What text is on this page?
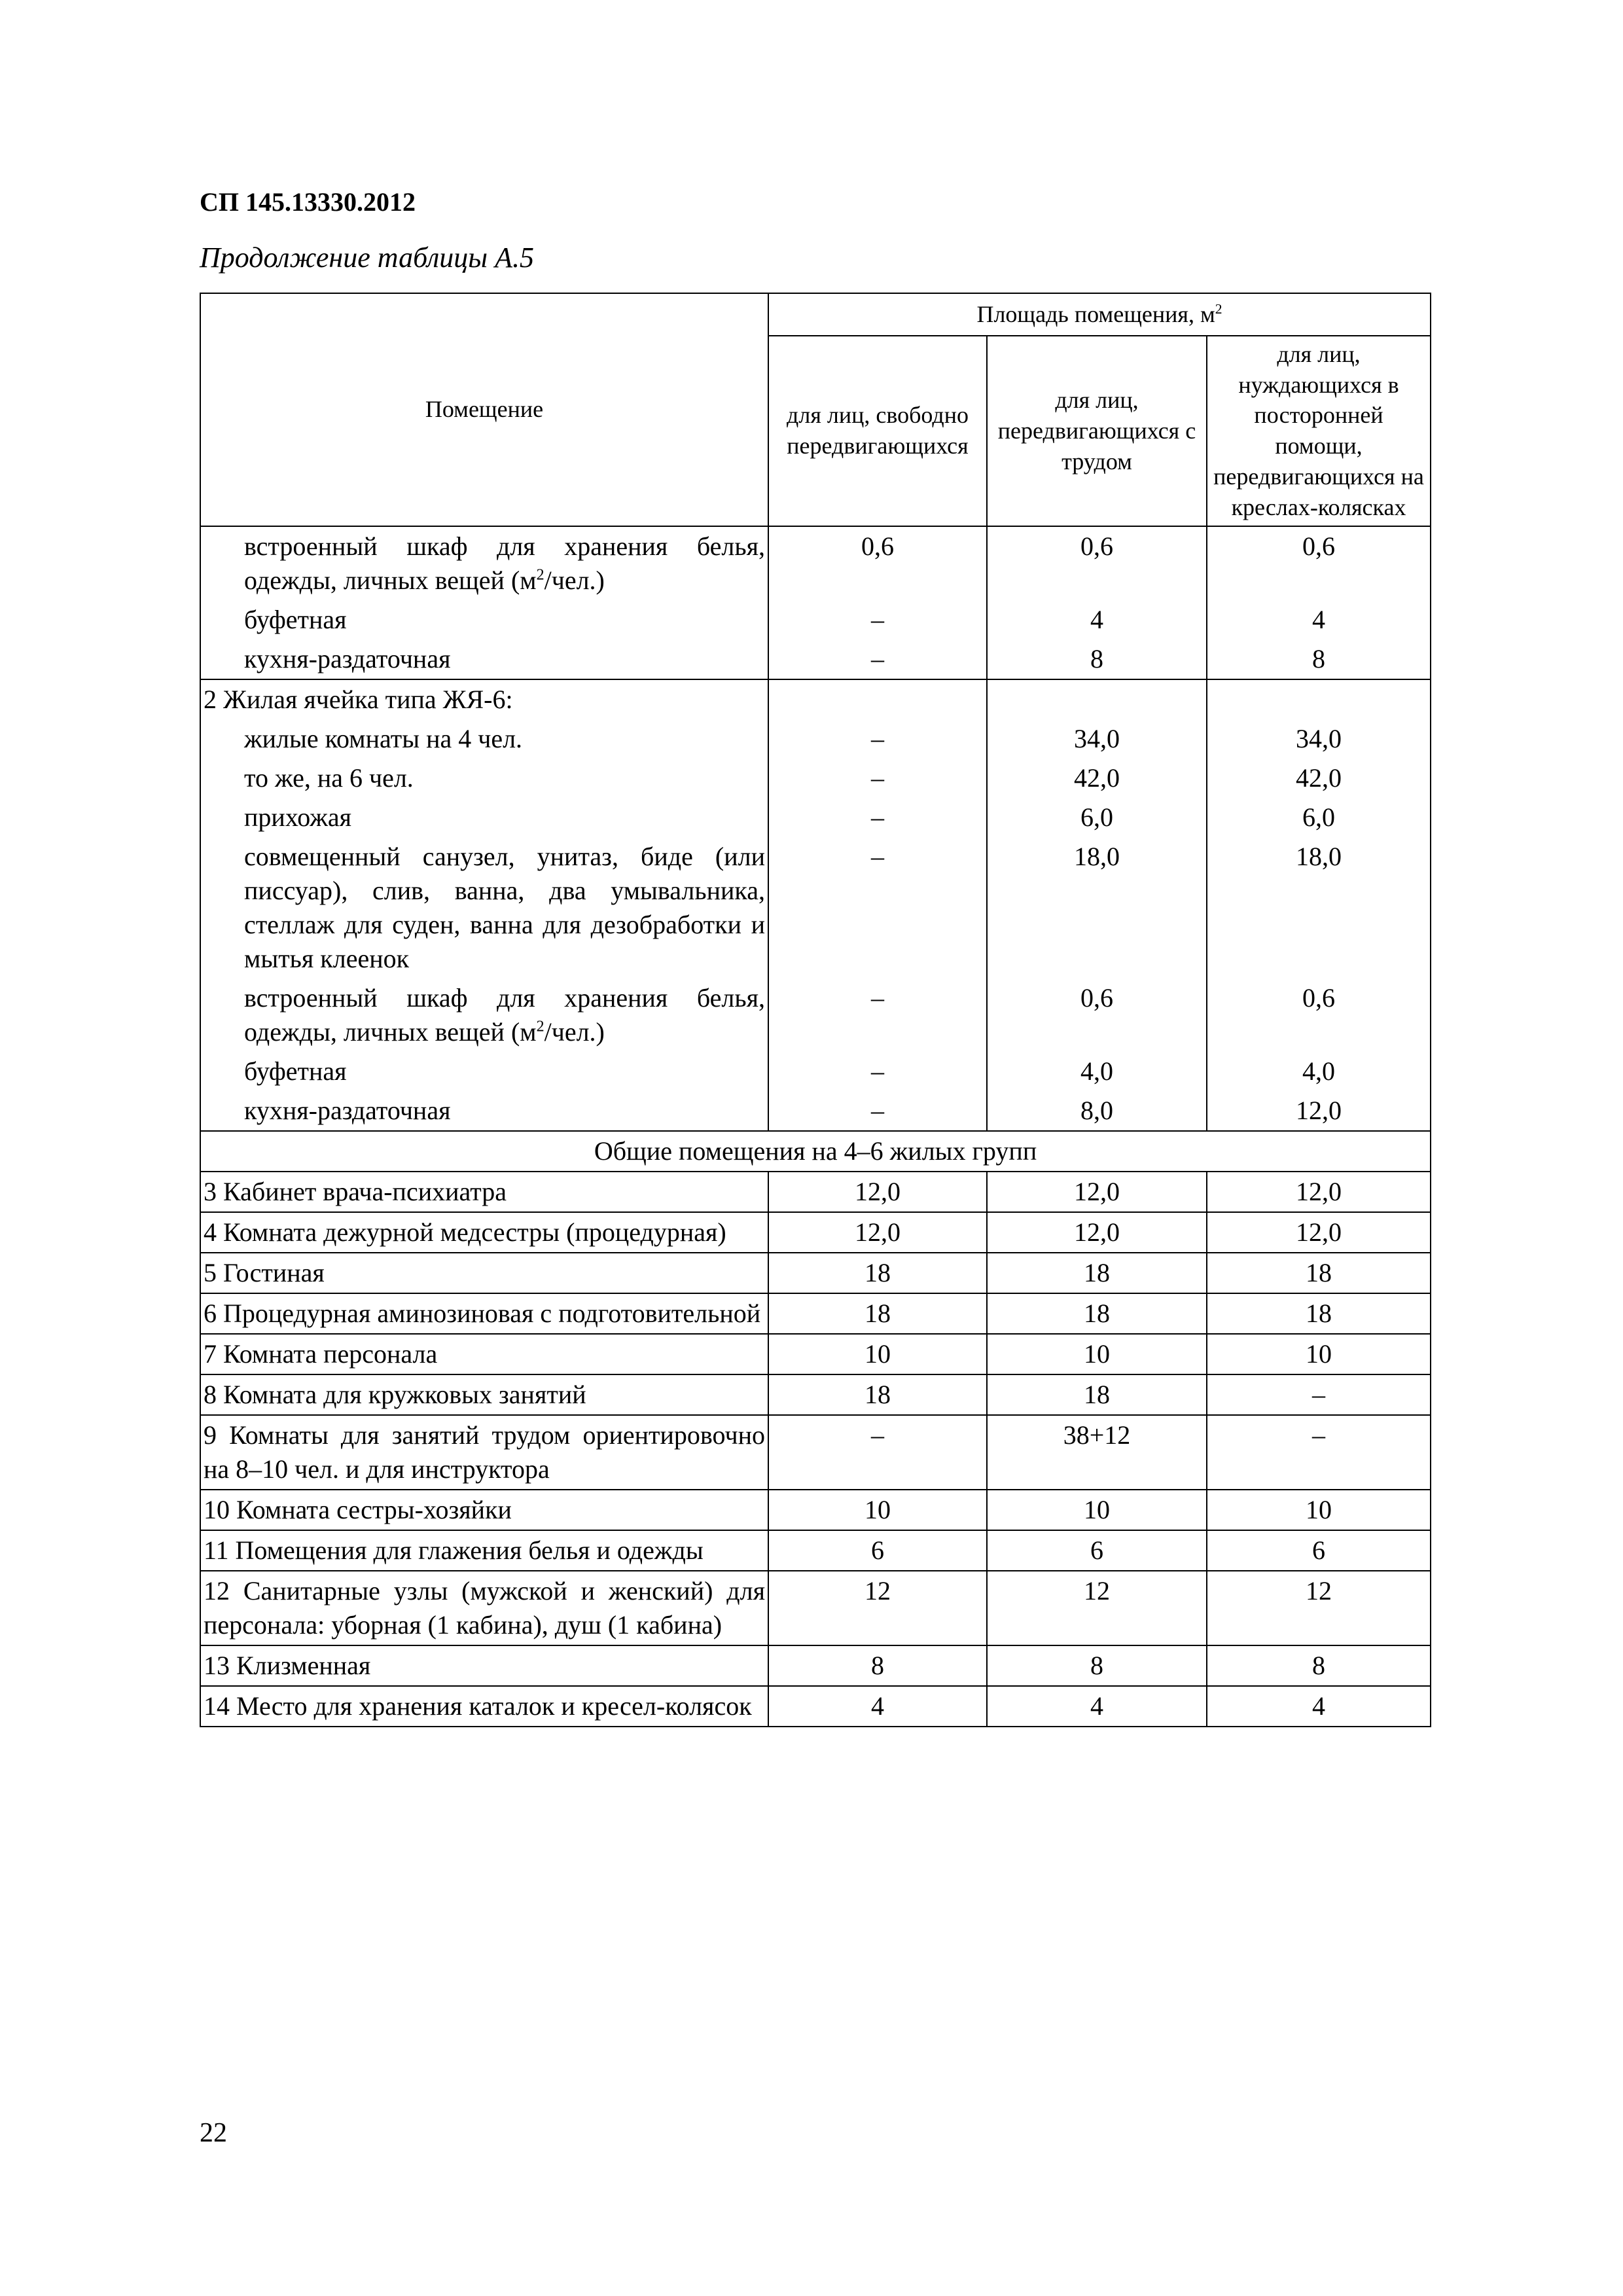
СП 145.13330.2012
Продолжение таблицы А.5
Помещение	Площадь помещения, $м^2$
	для лиц, свободно передвигающихся	для лиц, передвигающихся с трудом	для лиц, нуждающихся в посторонней помощи, передвигающихся на креслах-колясках
встроенный шкаф для хранения белья, одежды, личных вещей $(м^2/чел.)$	0,6	0,6	0,6
буфетная	–	4	4
кухня-раздаточная	–	8	8
2 Жилая ячейка типа ЖЯ-6:			
жилые комнаты на 4 чел.	–	34,0	34,0
то же, на 6 чел.	–	42,0	42,0
прихожая	–	6,0	6,0
совмещенный санузел, унитаз, биде (или писсуар), слив, ванна, два умывальника, стеллаж для суден, ванна для дезобработки и мытья клеенок	–	18,0	18,0
встроенный шкаф для хранения белья, одежды, личных вещей $(м^2/чел.)$	–	0,6	0,6
буфетная	–	4,0	4,0
кухня-раздаточная	–	8,0	12,0
Общие помещения на 4–6 жилых групп			
3 Кабинет врача-психиатра	12,0	12,0	12,0
4 Комната дежурной медсестры (процедурная)	12,0	12,0	12,0
5 Гостиная	18	18	18
6 Процедурная аминозиновая с подготовительной	18	18	18
7 Комната персонала	10	10	10
8 Комната для кружковых занятий	18	18	–
9 Комнаты для занятий трудом ориентировочно на 8–10 чел. и для инструктора	–	38+12	–
10 Комната сестры-хозяйки	10	10	10
11 Помещения для глажения белья и одежды	6	6	6
12 Санитарные узлы (мужской и женский) для персонала: уборная (1 кабина), душ (1 кабина)	12	12	12
13 Клизменная	8	8	8
14 Место для хранения каталок и кресел-колясок	4	4	4
22
